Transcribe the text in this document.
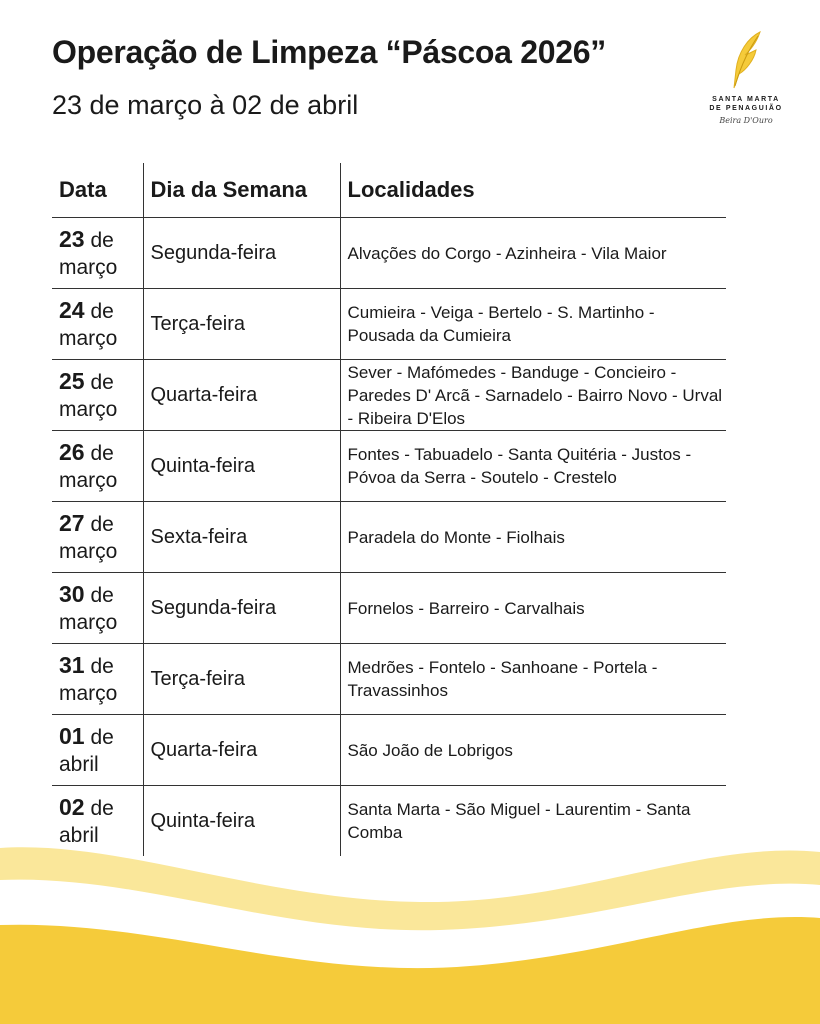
Operação de Limpeza “Páscoa 2026”
23 de março à 02 de abril	SANTA MARTA
DE PENAGUIÃO
Beira D'Ouro
Data	Dia da Semana	Localidades
23 de março	Segunda-feira	Alvações do Corgo - Azinheira - Vila Maior
24 de março	Terça-feira	Cumieira - Veiga - Bertelo - S. Martinho - Pousada da Cumieira
25 de março	Quarta-feira	Sever - Mafómedes - Banduge - Concieiro - Paredes D' Arcã - Sarnadelo - Bairro Novo - Urval - Ribeira D'Elos
26 de março	Quinta-feira	Fontes - Tabuadelo - Santa Quitéria - Justos - Póvoa da Serra - Soutelo - Crestelo
27 de março	Sexta-feira	Paradela do Monte - Fiolhais
30 de março	Segunda-feira	Fornelos - Barreiro - Carvalhais
31 de março	Terça-feira	Medrões - Fontelo - Sanhoane - Portela - Travassinhos
01 de abril	Quarta-feira	São João de Lobrigos
02 de abril	Quinta-feira	Santa Marta - São Miguel - Laurentim - Santa Comba
